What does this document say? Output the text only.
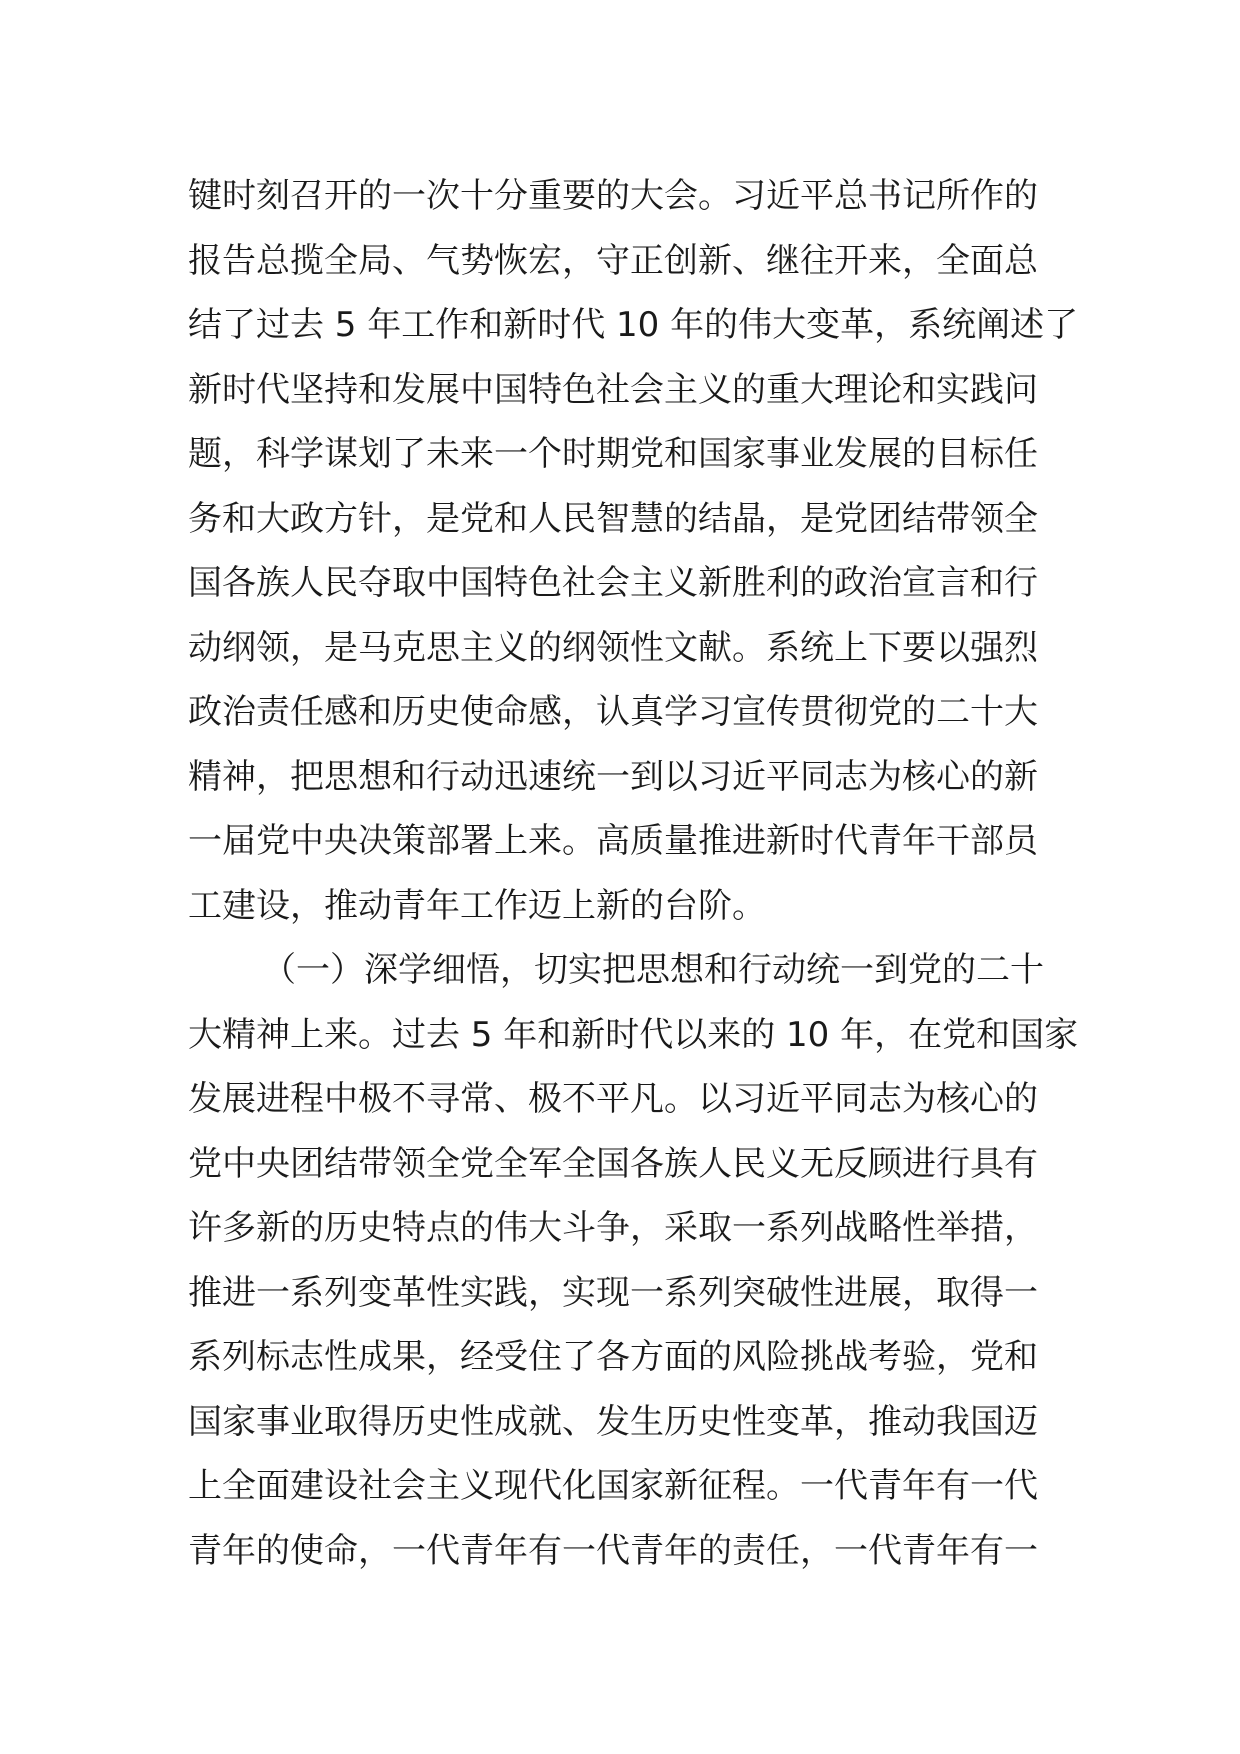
键时刻召开的一次十分重要的大会。习近平总书记所作的
报告总揽全局、气势恢宏，守正创新、继往开来，全面总
结了过去 5 年工作和新时代 10 年的伟大变革，系统阐述了
新时代坚持和发展中国特色社会主义的重大理论和实践问
题，科学谋划了未来一个时期党和国家事业发展的目标任
务和大政方针，是党和人民智慧的结晶，是党团结带领全
国各族人民夺取中国特色社会主义新胜利的政治宣言和行
动纲领，是马克思主义的纲领性文献。系统上下要以强烈
政治责任感和历史使命感，认真学习宣传贯彻党的二十大
精神，把思想和行动迅速统一到以习近平同志为核心的新
一届党中央决策部署上来。高质量推进新时代青年干部员
工建设，推动青年工作迈上新的台阶。
（一）深学细悟，切实把思想和行动统一到党的二十
大精神上来。过去 5 年和新时代以来的 10 年，在党和国家
发展进程中极不寻常、极不平凡。以习近平同志为核心的
党中央团结带领全党全军全国各族人民义无反顾进行具有
许多新的历史特点的伟大斗争，采取一系列战略性举措，
推进一系列变革性实践，实现一系列突破性进展，取得一
系列标志性成果，经受住了各方面的风险挑战考验，党和
国家事业取得历史性成就、发生历史性变革，推动我国迈
上全面建设社会主义现代化国家新征程。一代青年有一代
青年的使命，一代青年有一代青年的责任，一代青年有一
